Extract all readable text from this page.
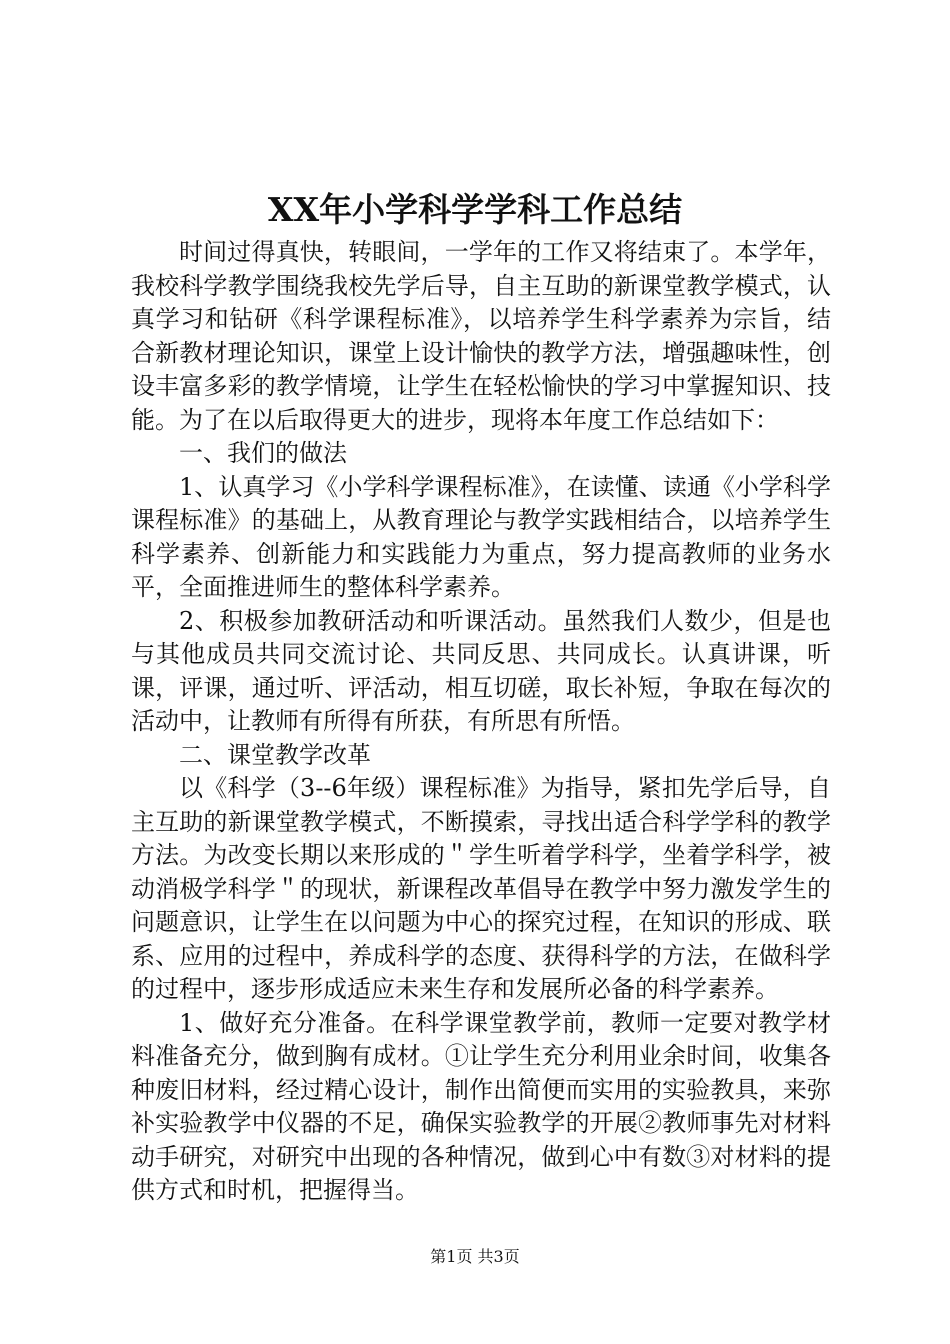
XX年小学科学学科工作总结

时间过得真快，转眼间，一学年的工作又将结束了。本学年，我校科学教学围绕我校先学后导，自主互助的新课堂教学模式，认真学习和钻研《科学课程标准》，以培养学生科学素养为宗旨，结合新教材理论知识，课堂上设计愉快的教学方法，增强趣味性，创设丰富多彩的教学情境，让学生在轻松愉快的学习中掌握知识、技能。为了在以后取得更大的进步，现将本年度工作总结如下：

一、我们的做法

1、认真学习《小学科学课程标准》，在读懂、读通《小学科学课程标准》的基础上，从教育理论与教学实践相结合，以培养学生科学素养、创新能力和实践能力为重点，努力提高教师的业务水平，全面推进师生的整体科学素养。

2、积极参加教研活动和听课活动。虽然我们人数少，但是也与其他成员共同交流讨论、共同反思、共同成长。认真讲课，听课，评课，通过听、评活动，相互切磋，取长补短，争取在每次的活动中，让教师有所得有所获，有所思有所悟。

二、课堂教学改革

以《科学（3--6年级）课程标准》为指导，紧扣先学后导，自主互助的新课堂教学模式，不断摸索，寻找出适合科学学科的教学方法。为改变长期以来形成的＂学生听着学科学，坐着学科学，被动消极学科学＂的现状，新课程改革倡导在教学中努力激发学生的问题意识，让学生在以问题为中心的探究过程，在知识的形成、联系、应用的过程中，养成科学的态度、获得科学的方法，在做科学的过程中，逐步形成适应未来生存和发展所必备的科学素养。

1、做好充分准备。在科学课堂教学前，教师一定要对教学材料准备充分，做到胸有成材。①让学生充分利用业余时间，收集各种废旧材料，经过精心设计，制作出简便而实用的实验教具，来弥补实验教学中仪器的不足，确保实验教学的开展②教师事先对材料动手研究，对研究中出现的各种情况，做到心中有数③对材料的提供方式和时机，把握得当。

第1页 共3页
